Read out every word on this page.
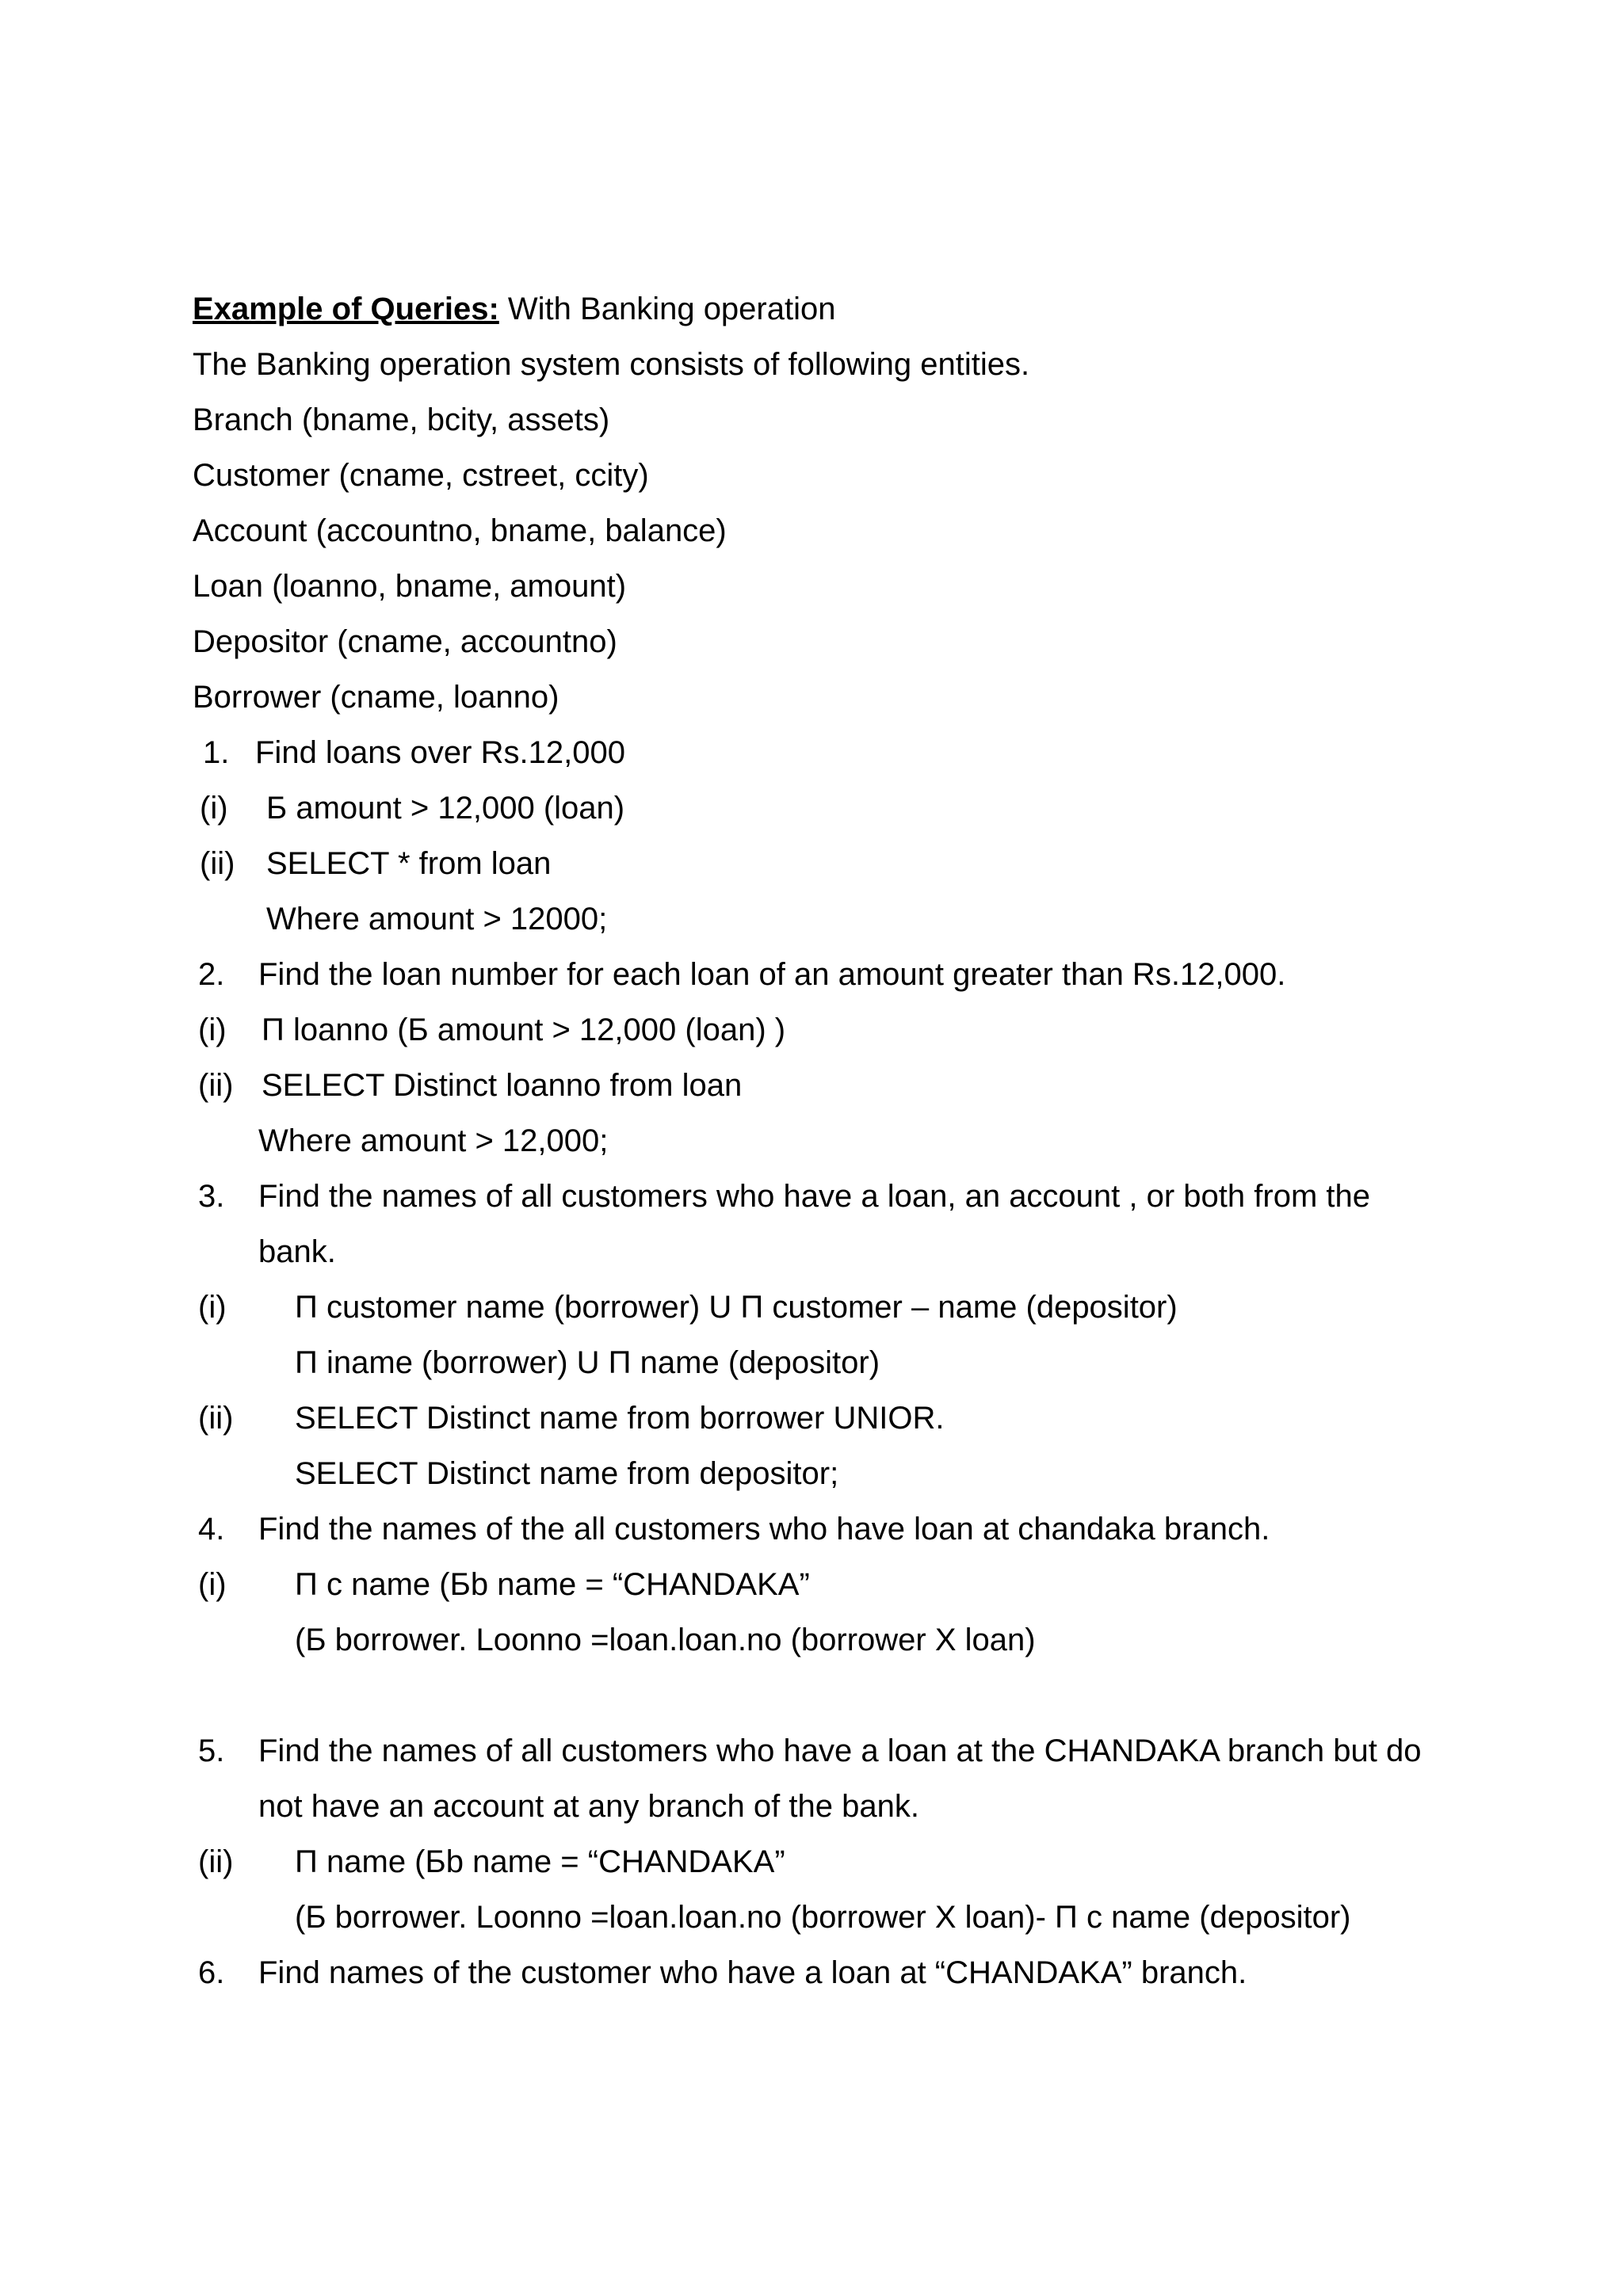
Example of Queries: With Banking operation
The Banking operation system consists of following entities.
Branch (bname, bcity, assets)
Customer (cname, cstreet, ccity)
Account (accountno, bname, balance)
Loan (loanno, bname, amount)
Depositor (cname, accountno)
Borrower (cname, loanno)
1. Find loans over Rs.12,000
(i) Б amount > 12,000 (loan)
(ii) SELECT * from loan
Where amount > 12000;
2. Find the loan number for each loan of an amount greater than Rs.12,000.
(i) Π loanno (Б amount > 12,000 (loan) )
(ii) SELECT Distinct loanno from loan
Where amount > 12,000;
3. Find the names of all customers who have a loan, an account , or both from the
bank.
(i) Π customer name (borrower) U Π customer – name (depositor)
Π iname (borrower) U Π name (depositor)
(ii) SELECT Distinct name from borrower UNIOR.
SELECT Distinct name from depositor;
4. Find the names of the all customers who have loan at chandaka branch.
(i) Π c name (Бb name = “CHANDAKA”
(Б borrower. Loonno =loan.loan.no (borrower X loan)
5. Find the names of all customers who have a loan at the CHANDAKA branch but do
not have an account at any branch of the bank.
(ii) Π name (Бb name = “CHANDAKA”
(Б borrower. Loonno =loan.loan.no (borrower X loan)- Π c name (depositor)
6. Find names of the customer who have a loan at “CHANDAKA” branch.
